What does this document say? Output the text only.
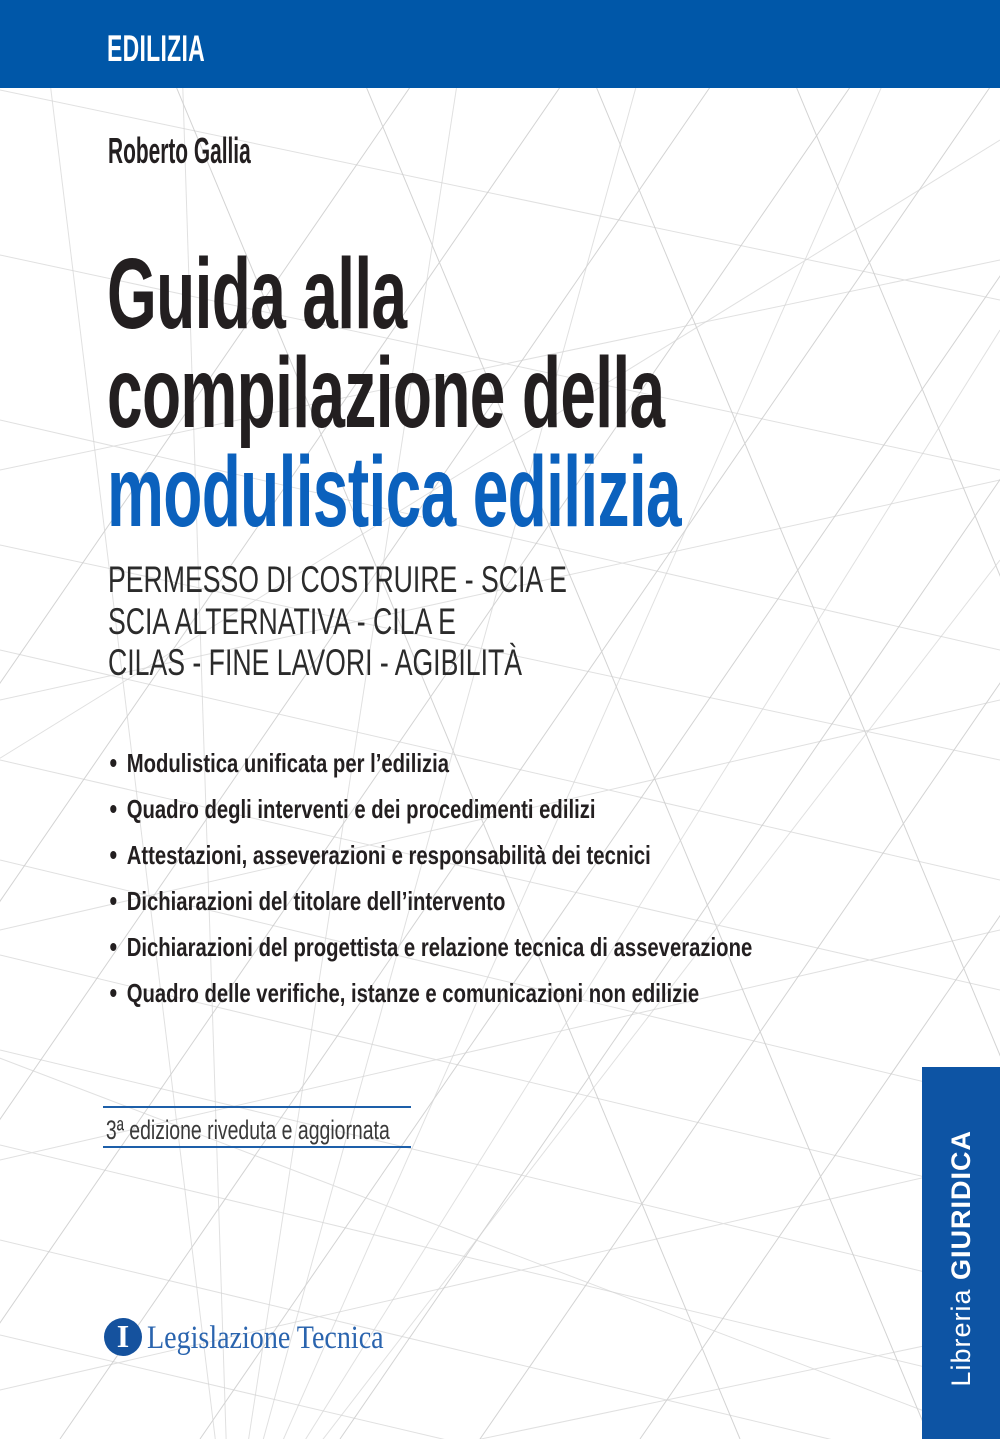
EDILIZIA
Roberto Gallia
Guida alla
compilazione della
modulistica edilizia
PERMESSO DI COSTRUIRE - SCIA E
SCIA ALTERNATIVA - CILA E
CILAS - FINE LAVORI - AGIBILITÀ
• Modulistica unificata per l’edilizia
• Quadro degli interventi e dei procedimenti edilizi
• Attestazioni, asseverazioni e responsabilità dei tecnici
• Dichiarazioni del titolare dell’intervento
• Dichiarazioni del progettista e relazione tecnica di asseverazione
• Quadro delle verifiche, istanze e comunicazioni non edilizie
3ª edizione riveduta e aggiornata
I Legislazione Tecnica	Libreria GIURIDICA
